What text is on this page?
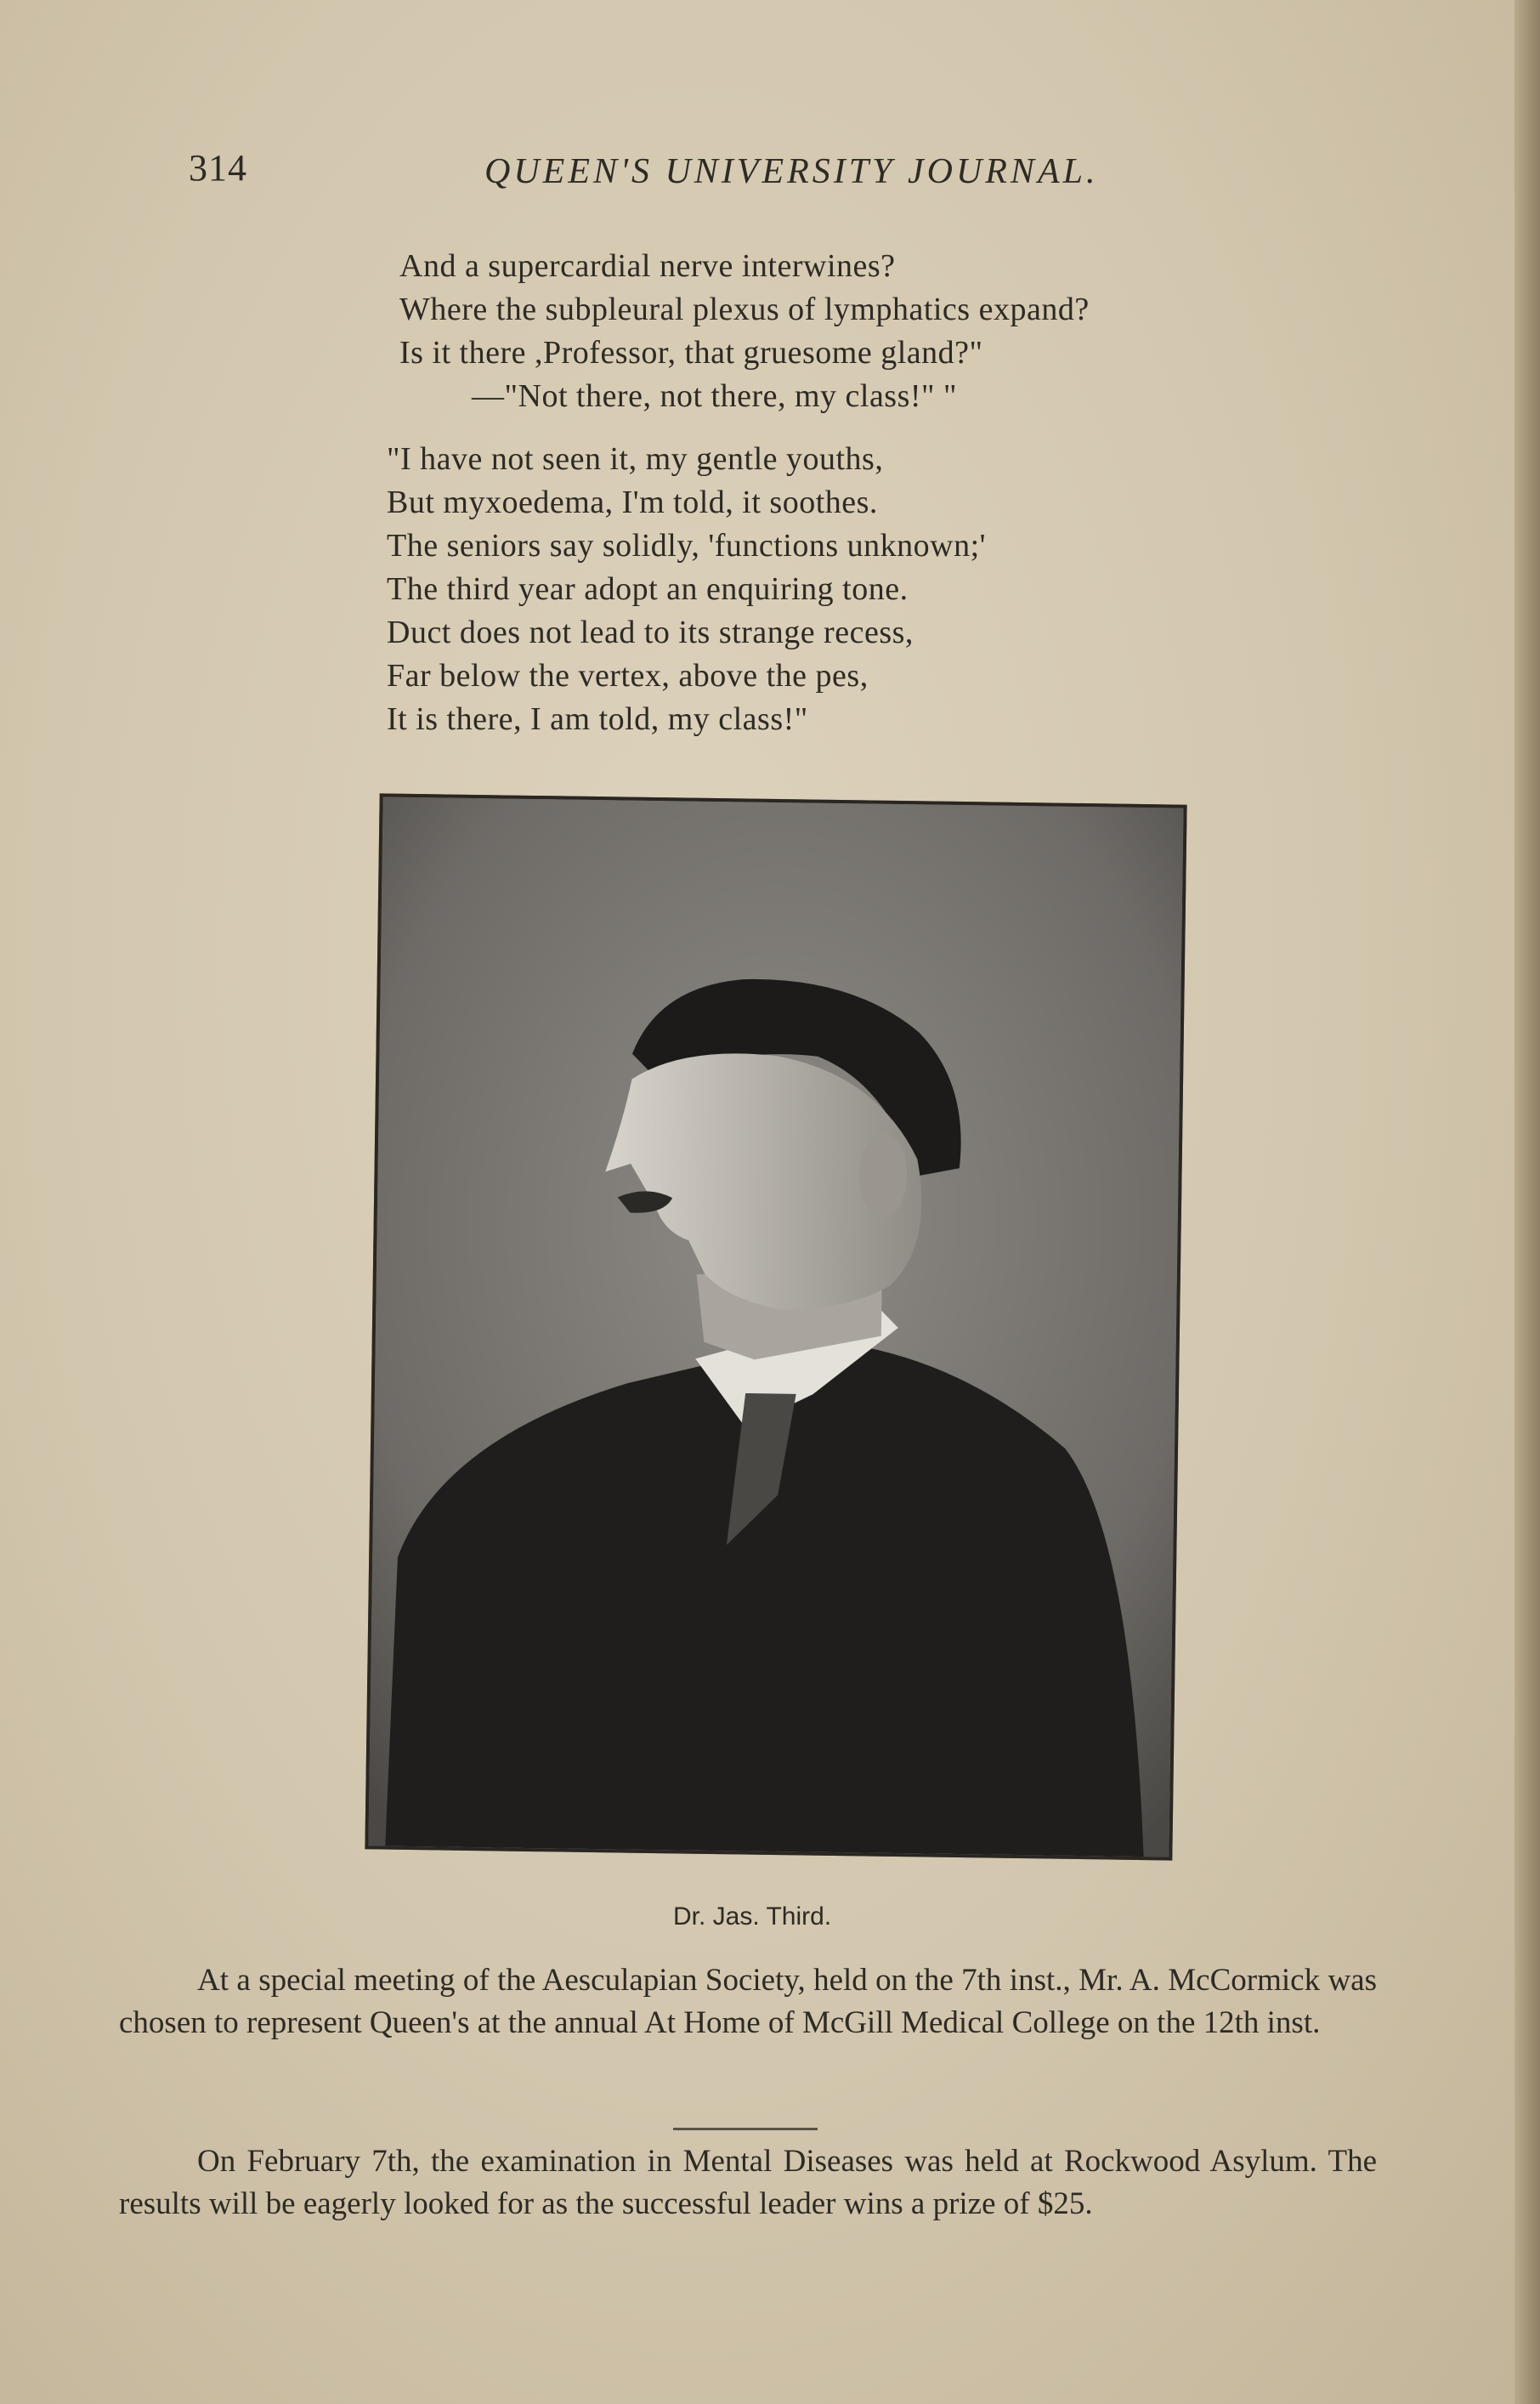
314	QUEEN'S UNIVERSITY JOURNAL.

And a supercardial nerve interwines?

Where the subpleural plexus of lymphatics expand?

Is it there ,Professor, that gruesome gland?"

—"Not there, not there, my class!" "

"I have not seen it, my gentle youths,

But myxoedema, I'm told, it soothes.

The seniors say solidly, 'functions unknown;'

The third year adopt an enquiring tone.

Duct does not lead to its strange recess,

Far below the vertex, above the pes,

It is there, I am told, my class!"

Dr. Jas. Third.

At a special meeting of the Aesculapian Society, held on the 7th inst., Mr. A. McCormick was chosen to represent Queen's at the annual At Home of McGill Medical College on the 12th inst.

On February 7th, the examination in Mental Diseases was held at Rockwood Asylum. The results will be eagerly looked for as the successful leader wins a prize of $25.
